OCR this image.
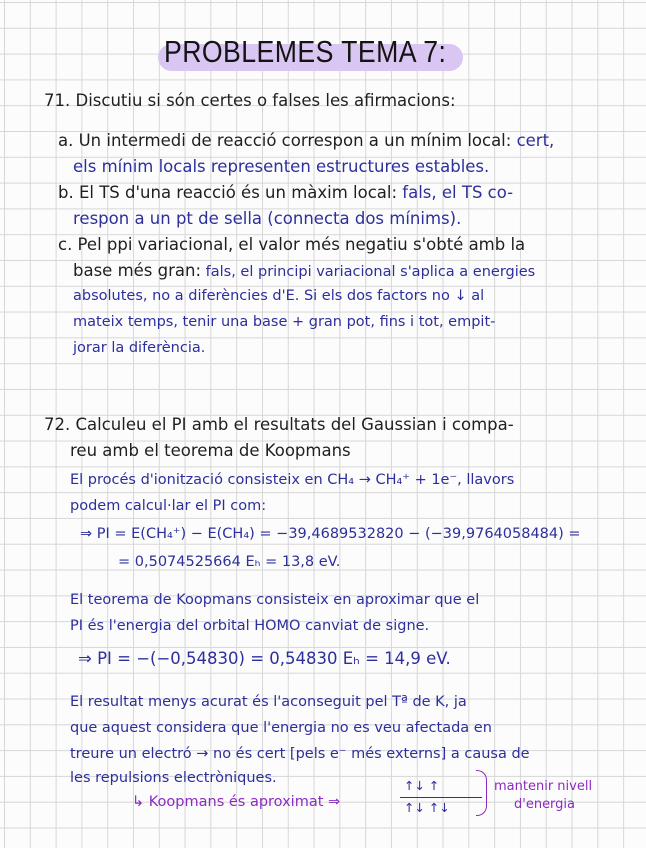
PROBLEMES TEMA 7:
71. Discutiu si són certes o falses les afirmacions:
a. Un intermedi de reacció correspon a un mínim local: cert,
els mínim locals representen estructures estables.
b. El TS d'una reacció és un màxim local: fals, el TS co-
respon a un pt de sella (connecta dos mínims).
c. Pel ppi variacional, el valor més negatiu s'obté amb la
base més gran: fals, el principi variacional s'aplica a energies
absolutes, no a diferències d'E. Si els dos factors no ↓ al
mateix temps, tenir una base + gran pot, fins i tot, empit-
jorar la diferència.
72. Calculeu el PI amb el resultats del Gaussian i compa-
reu amb el teorema de Koopmans
El procés d'ionització consisteix en CH₄ → CH₄⁺ + 1e⁻, llavors
podem calcul·lar el PI com:
⇒ PI = E(CH₄⁺) − E(CH₄) = −39,4689532820 − (−39,9764058484) =
= 0,5074525664 Eₕ = 13,8 eV.
El teorema de Koopmans consisteix en aproximar que el
PI és l'energia del orbital HOMO canviat de signe.
⇒ PI = −(−0,54830) = 0,54830 Eₕ = 14,9 eV.
El resultat menys acurat és l'aconseguit pel Tª de K, ja
que aquest considera que l'energia no es veu afectada en
treure un electró → no és cert [pels e⁻ més externs] a causa de
les repulsions electròniques.
↳ Koopmans és aproximat ⇒
↑↓ ↑
↑↓ ↑↓
mantenir nivell
d'energia
